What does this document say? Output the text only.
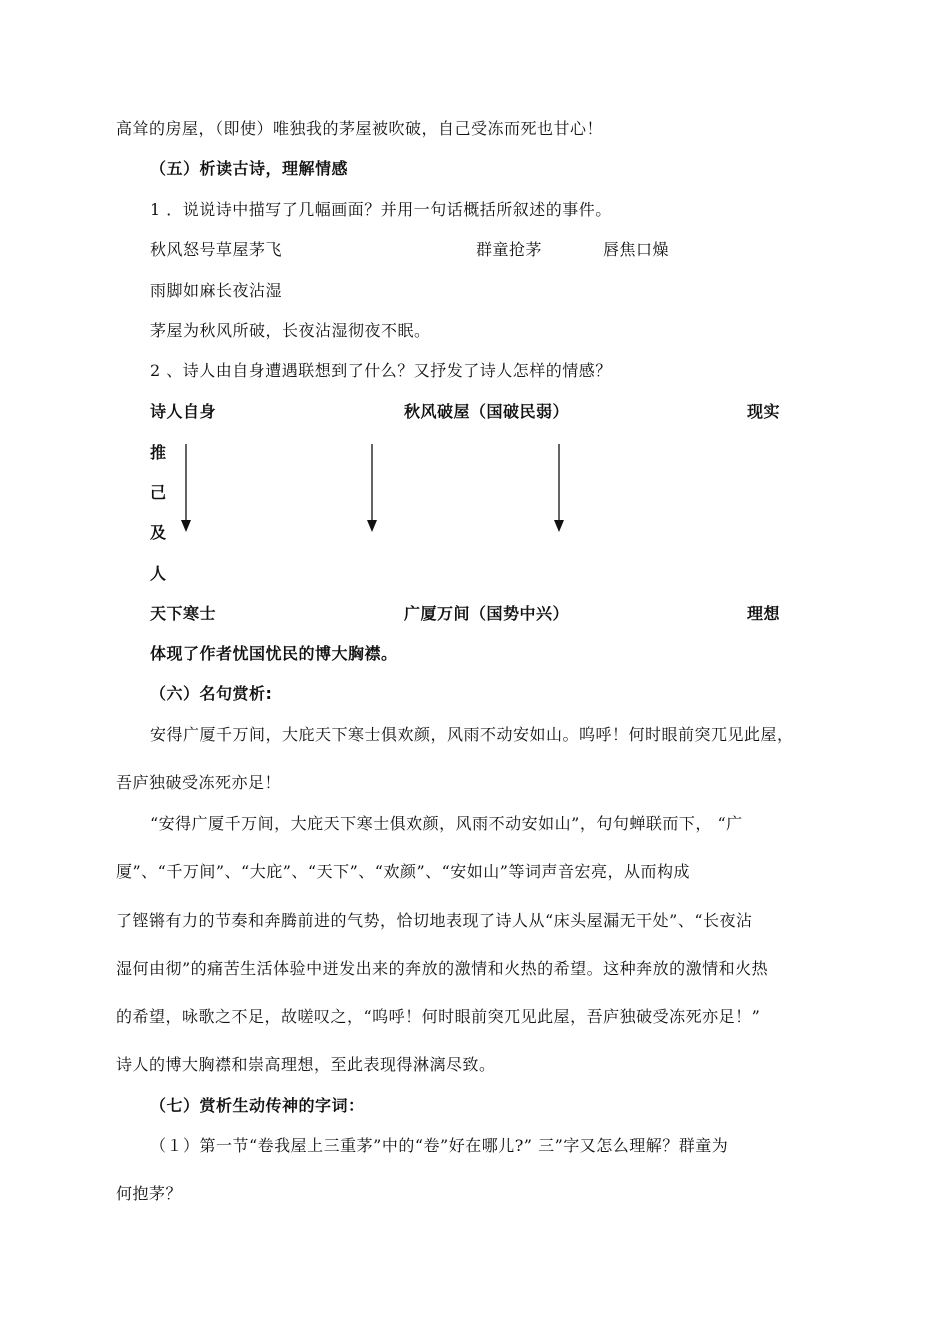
高耸的房屋，（即使）唯独我的茅屋被吹破，自己受冻而死也甘心！
（五）析读古诗，理解情感
1 ．说说诗中描写了几幅画面？并用一句话概括所叙述的事件。
秋风怒号草屋茅飞	群童抢茅	唇焦口燥
雨脚如麻长夜沾湿
茅屋为秋风所破，长夜沾湿彻夜不眠。
2 、诗人由自身遭遇联想到了什么？又抒发了诗人怎样的情感？
诗人自身	秋风破屋（国破民弱）	现实
推
己
及
人
天下寒士	广厦万间（国势中兴）	理想
体现了作者忧国忧民的博大胸襟。
（六）名句赏析:
安得广厦千万间，大庇天下寒士俱欢颜，风雨不动安如山。呜呼！何时眼前突兀见此屋，
吾庐独破受冻死亦足！
“安得广厦千万间，大庇天下寒士俱欢颜，风雨不动安如山”，句句蝉联而下， “广
厦”、“千万间”、“大庇”、“天下”、“欢颜”、“安如山”等词声音宏亮，从而构成
了铿锵有力的节奏和奔腾前进的气势，恰切地表现了诗人从“床头屋漏无干处”、“长夜沾
湿何由彻”的痛苦生活体验中迸发出来的奔放的激情和火热的希望。这种奔放的激情和火热
的希望，咏歌之不足，故嗟叹之，“呜呼！何时眼前突兀见此屋，吾庐独破受冻死亦足！”
诗人的博大胸襟和崇高理想，至此表现得淋漓尽致。
（七）赏析生动传神的字词：
（１）第一节“卷我屋上三重茅”中的“卷”好在哪儿?” 三”字又怎么理解？群童为
何抱茅？
